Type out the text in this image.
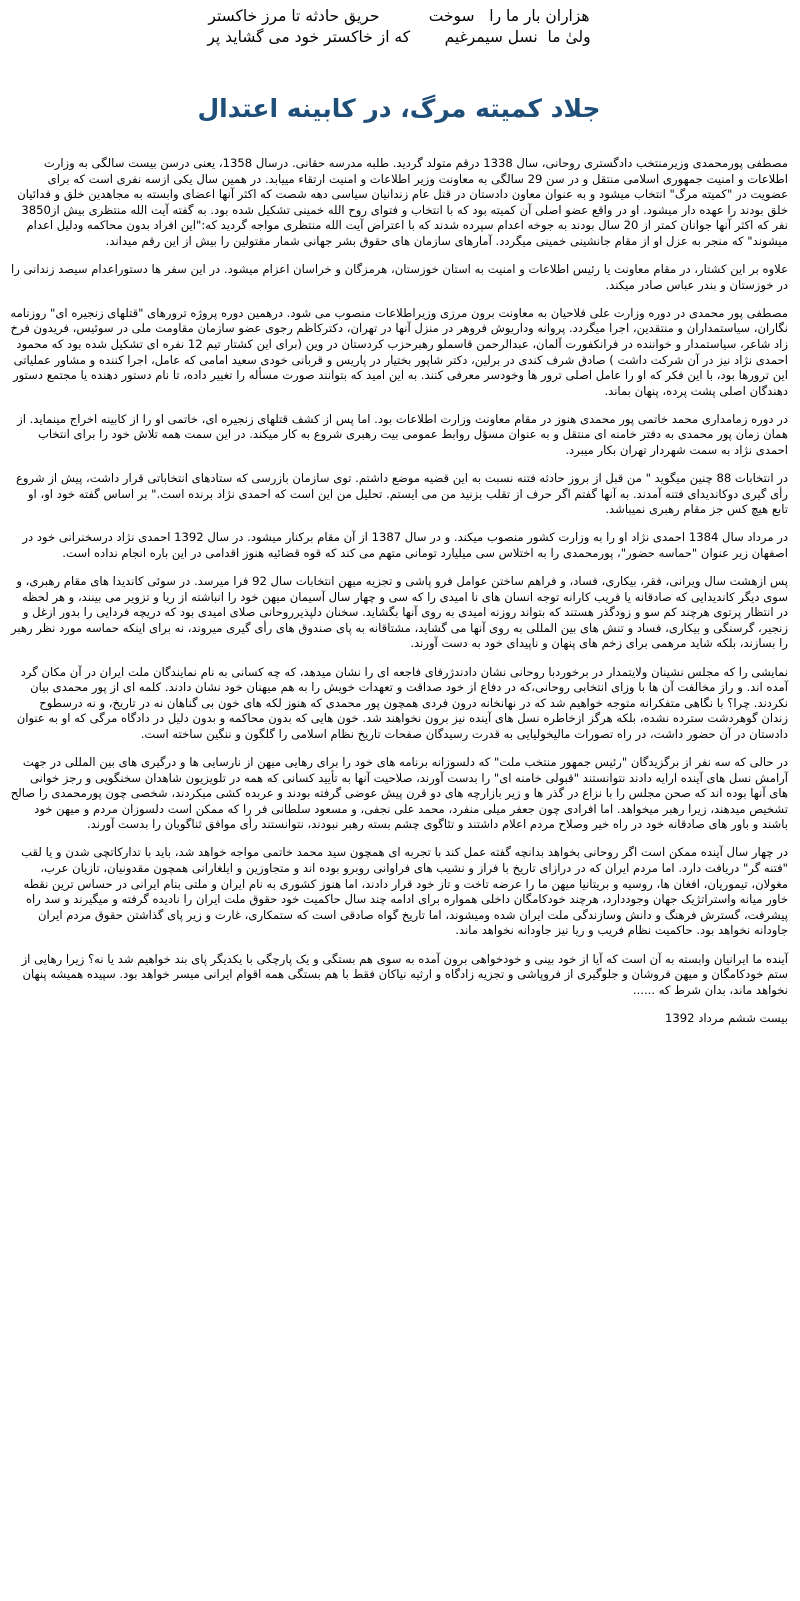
هزاران بار ما را   سوخت          حریق حادثه تا مرز خاکستر
ولیٰ ما  نسل سیمرغیم       که از خاکستر خود می گشاید پر
جلاد کمیته مرگ، در کابینه اعتدال

مصطفی پورمحمدی وزیرمنتخب دادگستری روحانی، سال 1338 درقم متولد گردید. طلبه مدرسه حقانی. درسال 1358، یعنی درسن بیست سالگی به وزارت اطلاعات و امنیت جمهوری اسلامی منتقل و در سن 29 سالگی به معاونت وزیر اطلاعات و امنیت ارتقاء مییابد. در همین سال یکی ازسه نفری است که برای عضویت در "کمیته مرگ" انتخاب میشود و به عنوان معاون دادستان در قتل عام زندانیان سیاسی دهه شصت که اکثر آنها اعضای وابسته به مجاهدین خلق و فدائیان خلق بودند را عهده دار میشود. او در واقع عضو اصلی آن کمیته بود که با انتخاب و فتوای روح الله خمینی تشکیل شده بود. به گفته آیت الله منتظری بیش از3850 نفر که اکثر آنها جوانان کمتر از 20 سال بودند به جوخه اعدام سپرده شدند که با اعتراض آیت الله منتظری مواجه گردید که:"این افراد بدون محاکمه ودلیل اعدام میشوند" که منجر به عزل او از مقام جانشینی خمینی میگردد. آمارهای سازمان های حقوق بشر جهانی شمار مقتولین را بیش از این رقم میداند.

علاوه بر این کشتار، در مقام معاونت یا رئیس اطلاعات و امنیت به استان خوزستان، هرمزگان و خراسان اعزام میشود. در این سفر ها دستوراعدام سیصد زندانی را در خوزستان و بندر عباس صادر میکند.

مصطفی پور محمدی در دوره وزارت علی فلاحیان به معاونت برون مرزی وزیراطلاعات منصوب می شود. درهمین دوره پروژه ترورهای "قتلهای زنجیره ای" روزنامه نگاران، سیاستمداران و منتقدین، اجرا میگردد. پروانه وداریوش فروهر در منزل آنها در تهران، دکترکاظم رجوی عضو سازمان مقاومت ملی در سوئیس، فریدون فرخ زاد شاعر، سیاستمدار و خواننده در فرانکفورت آلمان، عبدالرحمن قاسملو رهبرحزب کردستان در وین (برای این کشتار تیم 12 نفره ای تشکیل شده بود که محمود احمدی نژاد نیز در آن شرکت داشت ) صادق شرف کندی در برلین، دکتر شاپور بختیار در پاریس و قربانی خودی سعید امامی که عامل، اجرا کننده و مشاور عملیاتی این ترورها بود، با این فکر که او را عامل اصلی ترور ها وخودسر معرفی کنند. به این امید که بتوانند صورت مسأله را تغییر داده، تا نام دستور دهنده یا مجتمع دستور دهندگان اصلی پشت پرده، پنهان بماند.

در دوره زمامداری محمد خاتمی پور محمدی هنوز در مقام معاونت وزارت اطلاعات بود. اما پس از کشف قتلهای زنجیره ای، خاتمی او را از کابینه اخراج مینماید. از همان زمان پور محمدی به دفتر خامنه ای منتقل و به عنوان مسؤل روابط عمومی بیت رهبری شروع به کار میکند. در این سمت همه تلاش خود را برای انتخاب احمدی نژاد به سمت شهردار تهران بکار میبرد.

در انتخابات 88 چنین میگوید " من قبل از بروز حادثه فتنه نسبت به این قضیه موضع داشتم. توی سازمان بازرسی که ستادهای انتخاباتی قرار داشت، پیش از شروع رأی گیری دوکاندیدای فتنه آمدند. به آنها گفتم اگر حرف از تقلب بزنید من می ایستم. تحلیل من این است که احمدی نژاد برنده است." بر اساس گفته خود او، او تابع هیچ کس جز مقام رهبری نمیباشد.

در مرداد سال 1384 احمدی نژاد او را به وزارت کشور منصوب میکند. و در سال 1387 از آن مقام برکنار میشود. در سال 1392 احمدی نژاد درسخنرانی خود در اصفهان زیر عنوان "حماسه حضور"، پورمحمدی را به اختلاس سی میلیارد تومانی متهم می کند که قوه قضائیه هنوز اقدامی در این باره انجام نداده است.

پس ازهشت سال ویرانی، فقر، بیکاری، فساد، و فراهم ساختن عوامل فرو پاشی و تجزیه میهن انتخابات سال 92 فرا میرسد. در سوئی کاندیدا های مقام رهبری، و سوی دیگر کاندیدایی که صادقانه یا فریب کارانه توجه انسان های نا امیدی را که سی و چهار سال آسیمان میهن خود را انباشته از ریا و تزویر می بینند، و هر لحظه در انتظار پرتوی هرچند کم سو و زودگذر هستند که بتواند روزنه امیدی به روی آنها بگشاید. سخنان دلپذیرروحانی صلای امیدی بود که دریچه فردایی را بدور ازغل و زنجیر، گرسنگی و بیکاری، فساد و تنش های بین المللی به روی آنها می گشاید، مشتاقانه به پای صندوق های رأی گیری میروند، نه برای اینکه حماسه مورد نظر رهبر را بسازند، بلکه شاید مرهمی برای زخم های پنهان و ناپیدای خود به دست آورند.

نمایشی را که مجلس نشینان ولایتمدار در برخوردبا روحانی نشان دادندژرفای فاجعه ای را نشان میدهد، که چه کسانی به نام نمایندگان ملت ایران در آن مکان گرد آمده اند. و راز مخالفت آن ها با وزای انتخابی روحانی،که در دفاع از خود صداقت و تعهدات خویش را به هم میهنان خود نشان دادند. کلمه ای از پور محمدی بیان نکردند. چرا؟ با نگاهی متفکرانه متوجه خواهیم شد که در نهانخانه درون فردی همچون پور محمدی که هنوز لکه های خون بی گناهان نه در تاریخ، و نه درسطوح زندان گوهردشت سترده نشده، بلکه هرگز ازخاطره نسل های آینده نیز برون نخواهند شد. خون هایی که بدون محاکمه و بدون دلیل در دادگاه مرگی که او به عنوان دادستان در آن حضور داشت، در راه تصورات مالیخولیایی به قدرت رسیدگان صفحات تاریخ نظام اسلامی را گلگون و ننگین ساخته است.

در حالی که سه نفر از برگزیدگان "رئیس جمهور منتخب ملت" که دلسوزانه برنامه های خود را برای رهایی میهن از نارسایی ها و درگیری های بین المللی در جهت آرامش نسل های آینده ارایه دادند نتوانستند "قبولی خامنه ای" را بدست آورند، صلاحیت آنها به تأیید کسانی که همه در تلویزیون شاهدان سخنگویی و رجز خوانی های آنها بوده اند که صحن مجلس را با نزاع در گذر ها و زیر بازارچه های دو قرن پیش عوضی گرفته بودند و عربده کشی میکردند، شخصی چون پورمحمدی را صالح تشخیص میدهند، زیرا رهبر میخواهد. اما افرادی چون جعفر میلی منفرد، محمد علی نجفی، و مسعود سلطانی فر را که ممکن است دلسوزان مردم و میهن خود باشند و باور های صادقانه خود در راه خیر وصلاح مردم اعلام داشتند و تئاگوی چشم بسته رهبر نبودند، نتوانستند رأی موافق ثناگویان را بدست آورند.

در چهار سال آینده ممکن است اگر روحانی بخواهد بدانچه گفته عمل کند با تجربه ای همچون سید محمد خاتمی مواجه خواهد شد، باید با تدارکاتچی شدن و یا لقب "فتنه گر" دریافت دارد. اما مردم ایران که در درازای تاریخ با فراز و نشیب های فراوانی روبرو بوده اند و متجاوزین و ایلغارانی همچون مقدونیان، تازیان عرب، مغولان، تیموریان، افغان ها، روسیه و بریتانیا میهن ما را عرضه تاخت و تاز خود قرار دادند، اما هنوز کشوری به نام ایران و ملتی بنام ایرانی در حساس ترین نقطه خاور میانه واستراتژیک جهان وجوددارد، هرچند خودکامگان داخلی همواره برای ادامه چند سال حاکمیت خود حقوق ملت ایران را نادیده گرفته و میگیرند و سد راه پیشرفت، گسترش فرهنگ و دانش وسازندگی ملت ایران شده ومیشوند، اما تاریخ گواه صادقی است که ستمکاری، غارت و زیر پای گذاشتن حقوق مردم ایران جاودانه نخواهد بود. حاکمیت نظام فریب و ریا نیز جاودانه نخواهد ماند.

آینده ما ایرانیان وابسته به آن است که آیا از خود بینی و خودخواهی برون آمده به سوی هم بستگی و یک پارچگی با یکدیگر پای بند خواهیم شد یا نه؟ زیرا رهایی از ستم خودکامگان و میهن فروشان و جلوگیری از فروپاشی و تجزیه زادگاه و ارثیه نیاکان فقط با هم بستگی همه اقوام ایرانی میسر خواهد بود. سپیده همیشه پنهان نخواهد ماند، بدان شرط که ......

بیست ششم مرداد 1392
